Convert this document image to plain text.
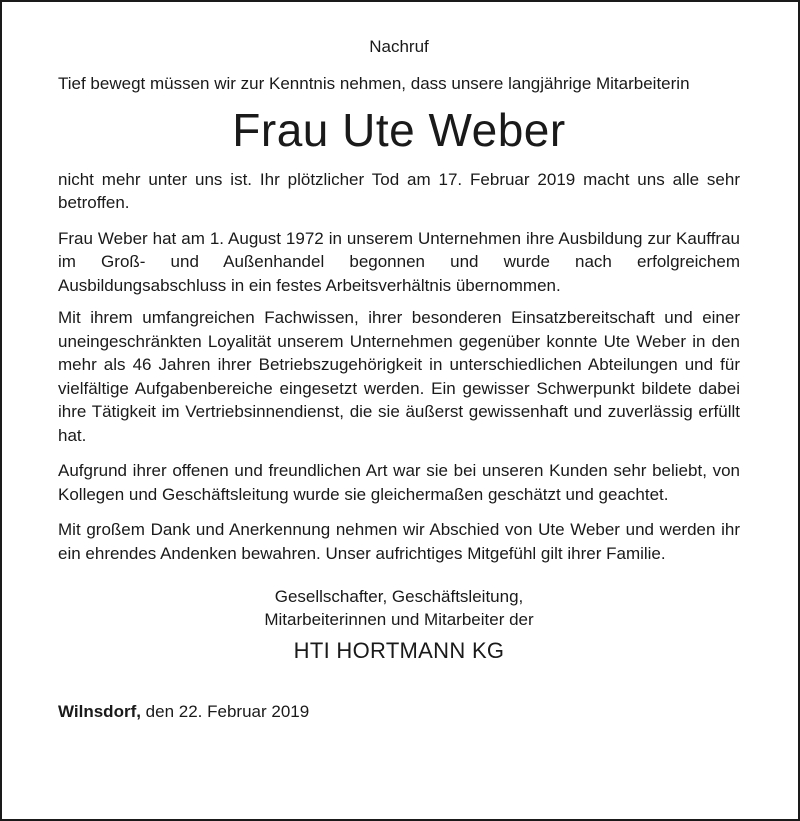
Nachruf

Tief bewegt müssen wir zur Kenntnis nehmen, dass unsere langjährige Mitarbeiterin

Frau Ute Weber

nicht mehr unter uns ist. Ihr plötzlicher Tod am 17. Februar 2019 macht uns alle sehr betroffen.

Frau Weber hat am 1. August 1972 in unserem Unternehmen ihre Ausbildung zur Kauffrau im Groß- und Außenhandel begonnen und wurde nach erfolgreichem Ausbildungsabschluss in ein festes Arbeitsverhältnis übernommen.

Mit ihrem umfangreichen Fachwissen, ihrer besonderen Einsatzbereitschaft und einer uneingeschränkten Loyalität unserem Unternehmen gegenüber konnte Ute Weber in den mehr als 46 Jahren ihrer Betriebszugehörigkeit in unterschiedlichen Abteilungen und für vielfältige Aufgabenbereiche eingesetzt werden. Ein gewisser Schwerpunkt bildete dabei ihre Tätigkeit im Vertriebsinnendienst, die sie äußerst gewissenhaft und zuverlässig erfüllt hat.

Aufgrund ihrer offenen und freundlichen Art war sie bei unseren Kunden sehr beliebt, von Kollegen und Geschäftsleitung wurde sie gleichermaßen geschätzt und geachtet.

Mit großem Dank und Anerkennung nehmen wir Abschied von Ute Weber und werden ihr ein ehrendes Andenken bewahren. Unser aufrichtiges Mitgefühl gilt ihrer Familie.

Gesellschafter, Geschäftsleitung,
Mitarbeiterinnen und Mitarbeiter der
HTI HORTMANN KG
Wilnsdorf, den 22. Februar 2019
